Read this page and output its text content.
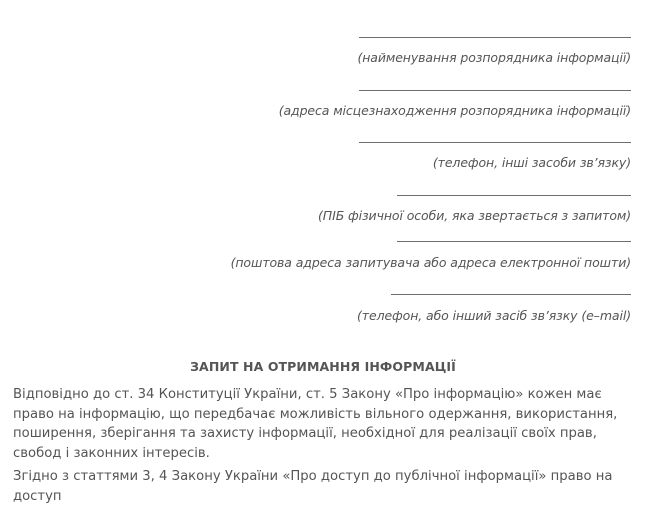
(найменування розпорядника інформації)
(адреса місцезнаходження розпорядника інформації)
(телефон, інші засоби зв’язку)
(ПІБ фізичної особи, яка звертається з запитом)
(поштова адреса запитувача або адреса електронної пошти)
(телефон, або інший засіб зв’язку (e–mail)
ЗАПИТ НА ОТРИМАННЯ ІНФОРМАЦІЇ

Відповідно до ст. 34 Конституції України, ст. 5 Закону «Про інформацію» кожен має право на інформацію, що передбачає можливість вільного одержання, використання, поширення, зберігання та захисту інформації, необхідної для реалізації своїх прав, свобод і законних інтересів.

Згідно з статтями 3, 4 Закону України «Про доступ до публічної інформації» право на доступ
